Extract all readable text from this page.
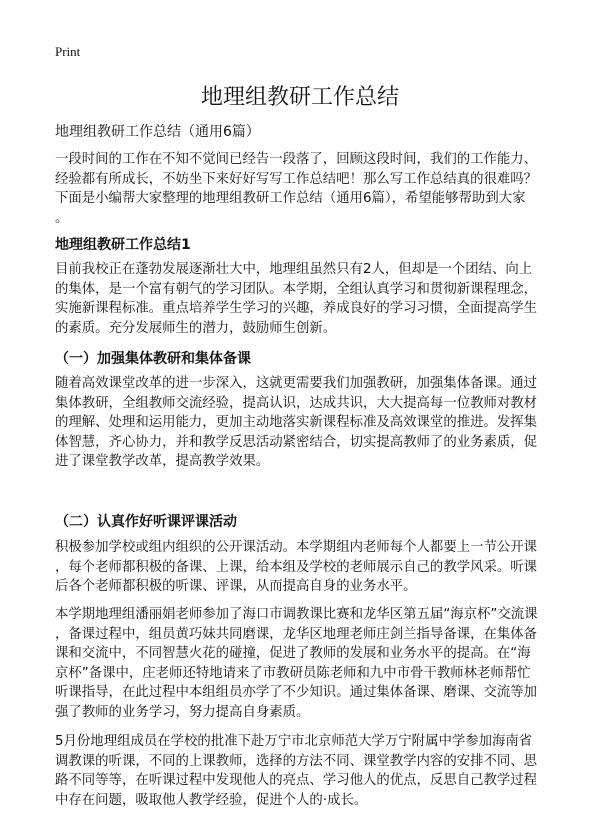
Print
地理组教研工作总结
地理组教研工作总结（通用6篇）
一段时间的工作在不知不觉间已经告一段落了，回顾这段时间，我们的工作能力、
经验都有所成长，不妨坐下来好好写写工作总结吧！那么写工作总结真的很难吗？
下面是小编帮大家整理的地理组教研工作总结（通用6篇），希望能够帮助到大家
。
地理组教研工作总结1
目前我校正在蓬勃发展逐渐壮大中，地理组虽然只有2人，但却是一个团结、向上
的集体，是一个富有朝气的学习团队。本学期，全组认真学习和贯彻新课程理念，
实施新课程标准。重点培养学生学习的兴趣，养成良好的学习习惯，全面提高学生
的素质。充分发展师生的潜力，鼓励师生创新。
（一）加强集体教研和集体备课
随着高效课堂改革的进一步深入，这就更需要我们加强教研，加强集体备课。通过
集体教研，全组教师交流经验，提高认识，达成共识，大大提高每一位教师对教材
的理解、处理和运用能力，更加主动地落实新课程标准及高效课堂的推进。发挥集
体智慧，齐心协力，并和教学反思活动紧密结合，切实提高教师了的业务素质，促
进了课堂教学改革，提高教学效果。
（二）认真作好听课评课活动
积极参加学校或组内组织的公开课活动。本学期组内老师每个人都要上一节公开课
，每个老师都积极的备课、上课，给本组及学校的老师展示自己的教学风采。听课
后各个老师都积极的听课、评课，从而提高自身的业务水平。
本学期地理组潘丽娟老师参加了海口市调教课比赛和龙华区第五届“海京杯”交流课
，备课过程中，组员黄巧妹共同磨课，龙华区地理老师庄剑兰指导备课，在集体备
课和交流中，不同智慧火花的碰撞，促进了教师的发展和业务水平的提高。在“海
京杯”备课中，庄老师还特地请来了市教研员陈老师和九中市骨干教师林老师帮忙
听课指导，在此过程中本组组员亦学了不少知识。通过集体备课、磨课、交流等加
强了教师的业务学习，努力提高自身素质。
5月份地理组成员在学校的批准下赴万宁市北京师范大学万宁附属中学参加海南省
调教课的听课，不同的上课教师，选择的方法不同、课堂教学内容的安排不同、思
路不同等等，在听课过程中发现他人的亮点、学习他人的优点，反思自己教学过程
中存在问题，吸取他人教学经验，促进个人的·成长。
